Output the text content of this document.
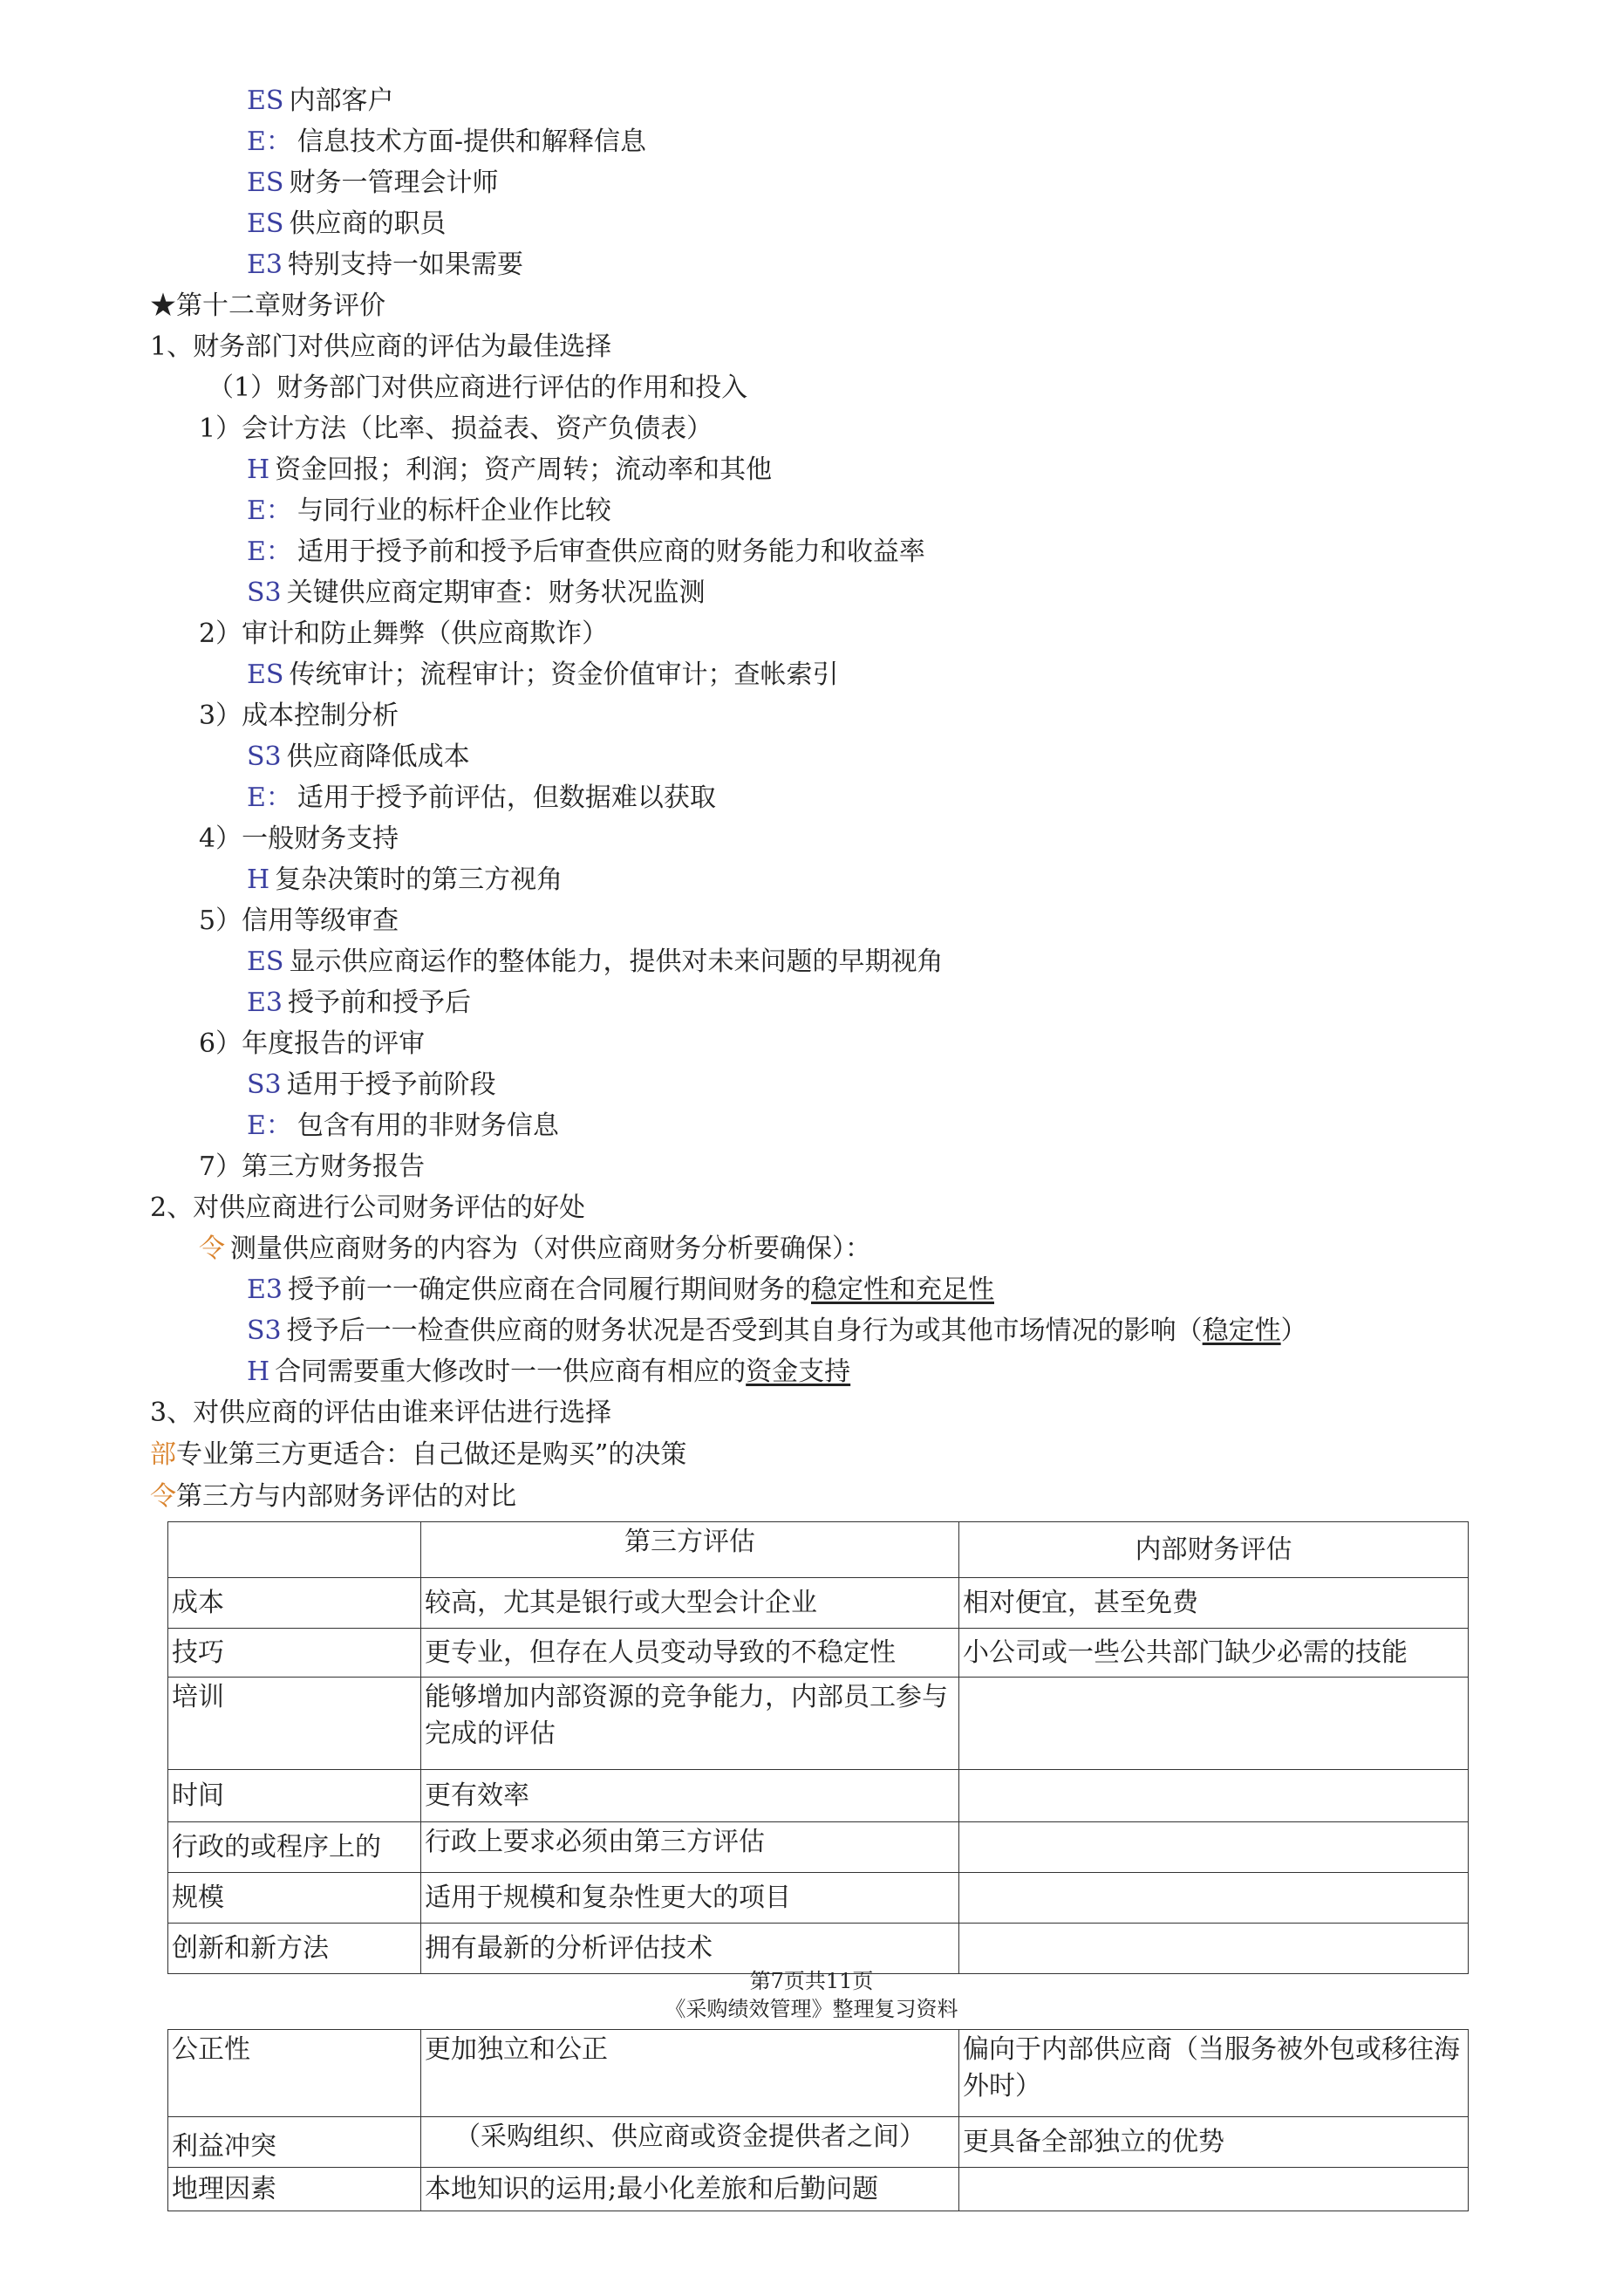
ES 内部客户
E： 信息技术方面-提供和解释信息
ES 财务一管理会计师
ES 供应商的职员
E3 特别支持一如果需要
★第十二章财务评价
1、财务部门对供应商的评估为最佳选择
（1）财务部门对供应商进行评估的作用和投入
1）会计方法（比率、损益表、资产负债表）
H 资金回报；利润；资产周转；流动率和其他
E： 与同行业的标杆企业作比较
E： 适用于授予前和授予后审查供应商的财务能力和收益率
S3 关键供应商定期审查：财务状况监测
2）审计和防止舞弊（供应商欺诈）
ES 传统审计；流程审计；资金价值审计；查帐索引
3）成本控制分析
S3 供应商降低成本
E： 适用于授予前评估，但数据难以获取
4）一般财务支持
H 复杂决策时的第三方视角
5）信用等级审查
ES 显示供应商运作的整体能力，提供对未来问题的早期视角
E3 授予前和授予后
6）年度报告的评审
S3 适用于授予前阶段
E： 包含有用的非财务信息
7）第三方财务报告
2、对供应商进行公司财务评估的好处
令 测量供应商财务的内容为（对供应商财务分析要确保）：
E3 授予前一一确定供应商在合同履行期间财务的稳定性和充足性
S3 授予后一一检查供应商的财务状况是否受到其自身行为或其他市场情况的影响（稳定性）
H 合同需要重大修改时一一供应商有相应的资金支持
3、对供应商的评估由谁来评估进行选择
部专业第三方更适合：自己做还是购买”的决策
令第三方与内部财务评估的对比
	第三方评估	内部财务评估
成本	较高，尤其是银行或大型会计企业	相对便宜，甚至免费
技巧	更专业，但存在人员变动导致的不稳定性	小公司或一些公共部门缺少必需的技能
培训	能够增加内部资源的竞争能力，内部员工参与完成的评估	
时间	更有效率	
行政的或程序上的	行政上要求必须由第三方评估	
规模	适用于规模和复杂性更大的项目	
创新和新方法	拥有最新的分析评估技术	
第7页共11页
《采购绩效管理》整理复习资料
公正性	更加独立和公正	偏向于内部供应商（当服务被外包或移往海外时）
利益冲突	（采购组织、供应商或资金提供者之间）	更具备全部独立的优势
地理因素	本地知识的运用;最小化差旅和后勤问题	
